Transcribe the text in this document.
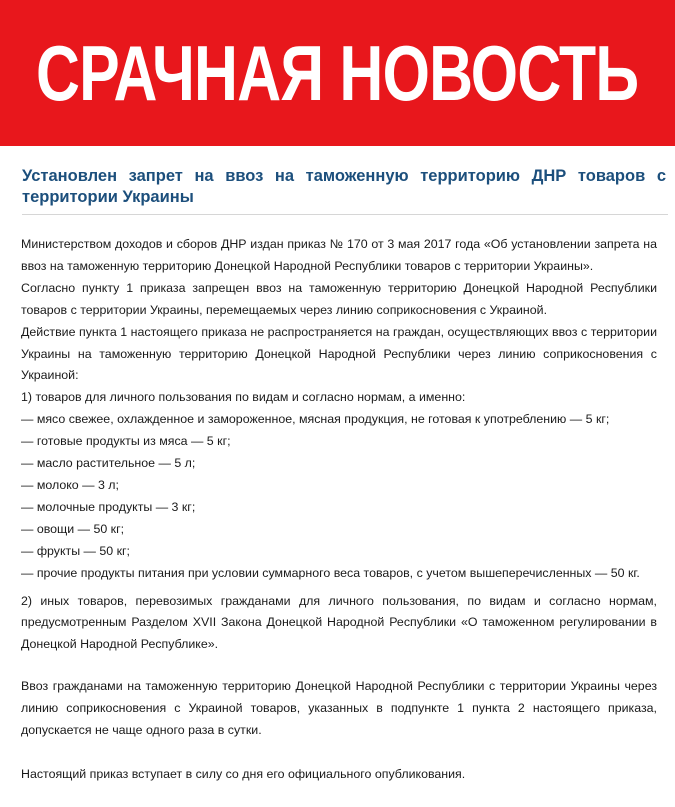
СРАЧНАЯ НОВОСТЬ
Установлен запрет на ввоз на таможенную территорию ДНР товаров с территории Украины

Министерством доходов и сборов ДНР издан приказ № 170 от 3 мая 2017 года «Об установлении запрета на ввоз на таможенную территорию Донецкой Народной Республики товаров с территории Украины».

Согласно пункту 1 приказа запрещен ввоз на таможенную территорию Донецкой Народной Республики товаров с территории Украины, перемещаемых через линию соприкосновения с Украиной.

Действие пункта 1 настоящего приказа не распространяется на граждан, осуществляющих ввоз с территории Украины на таможенную территорию Донецкой Народной Республики через линию соприкосновения с Украиной:

1) товаров для личного пользования по видам и согласно нормам, а именно:

— мясо свежее, охлажденное и замороженное, мясная продукция, не готовая к употреблению — 5 кг;

— готовые продукты из мяса — 5 кг;

— масло растительное — 5 л;

— молоко — 3 л;

— молочные продукты — 3 кг;

— овощи — 50 кг;

— фрукты — 50 кг;

— прочие продукты питания при условии суммарного веса товаров, с учетом вышеперечисленных — 50 кг.

2) иных товаров, перевозимых гражданами для личного пользования, по видам и согласно нормам, предусмотренным Разделом XVII Закона Донецкой Народной Республики «О таможенном регулировании в Донецкой Народной Республике».

Ввоз гражданами на таможенную территорию Донецкой Народной Республики с территории Украины через линию соприкосновения с Украиной товаров, указанных в подпункте 1 пункта 2 настоящего приказа, допускается не чаще одного раза в сутки.

Настоящий приказ вступает в силу со дня его официального опубликования.
